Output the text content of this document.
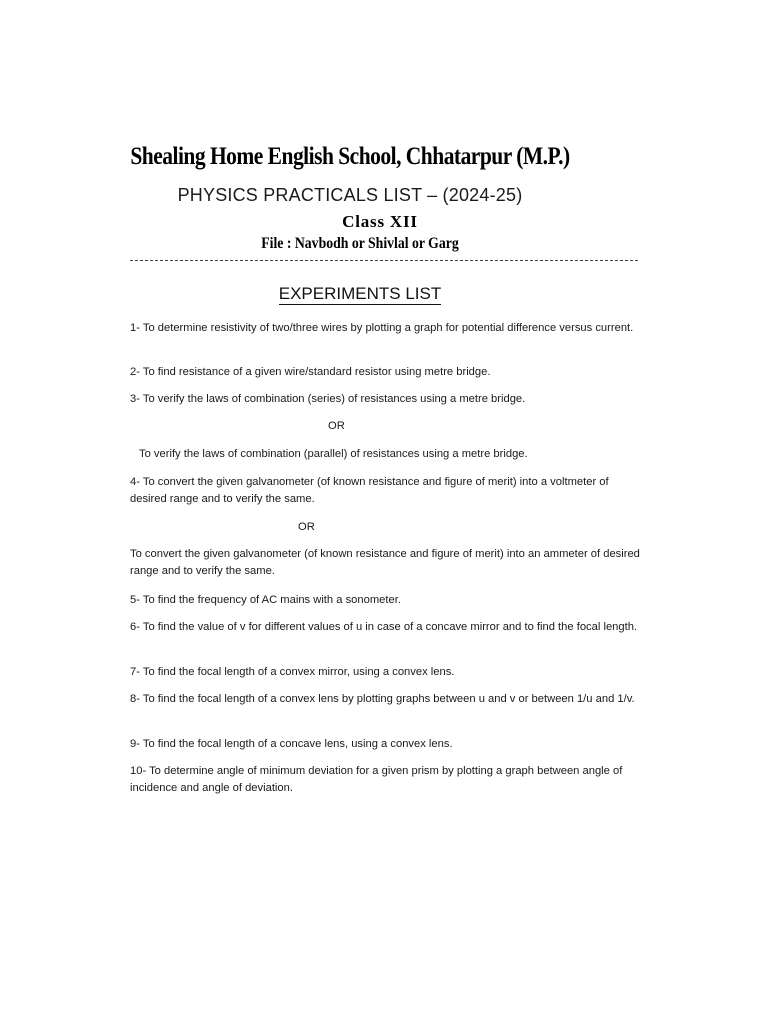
Shealing Home English School, Chhatarpur (M.P.)
PHYSICS PRACTICALS LIST – (2024-25)
Class XII
File : Navbodh or Shivlal or Garg
EXPERIMENTS LIST
1- To determine resistivity of two/three wires by plotting a graph for potential difference versus current.
2- To find resistance of a given wire/standard resistor using metre bridge.
3- To verify the laws of combination (series) of resistances using a metre bridge.
OR
To verify the laws of combination (parallel) of resistances using a metre bridge.
4- To convert the given galvanometer (of known resistance and figure of merit) into a voltmeter of desired range and to verify the same.
OR
To convert the given galvanometer (of known resistance and figure of merit) into an ammeter of desired range and to verify the same.
5- To find the frequency of AC mains with a sonometer.
6- To find the value of v for different values of u in case of a concave mirror and to find the focal length.
7- To find the focal length of a convex mirror, using a convex lens.
8- To find the focal length of a convex lens by plotting graphs between u and v or between 1/u and 1/v.
9- To find the focal length of a concave lens, using a convex lens.
10- To determine angle of minimum deviation for a given prism by plotting a graph between angle of incidence and angle of deviation.
